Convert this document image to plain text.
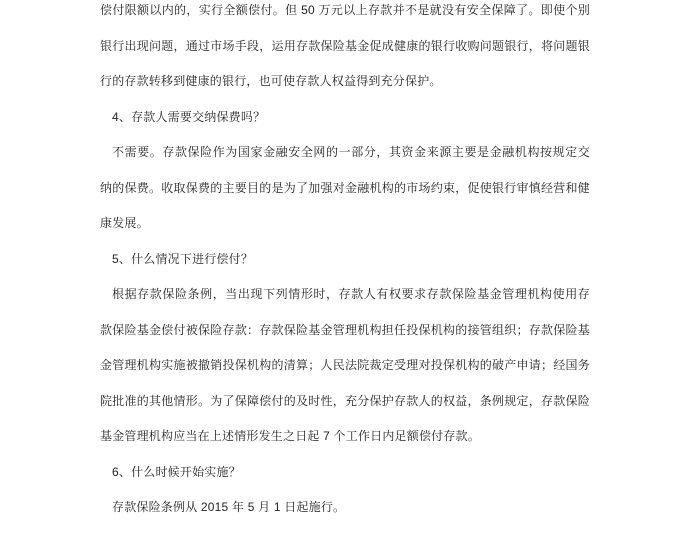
偿付限额以内的，实行全额偿付。但 50 万元以上存款并不是就没有安全保障了。即使个别
银行出现问题，通过市场手段，运用存款保险基金促成健康的银行收购问题银行，将问题银
行的存款转移到健康的银行，也可使存款人权益得到充分保护。
4、存款人需要交纳保费吗？
不需要。存款保险作为国家金融安全网的一部分，其资金来源主要是金融机构按规定交
纳的保费。收取保费的主要目的是为了加强对金融机构的市场约束，促使银行审慎经营和健
康发展。
5、什么情况下进行偿付？
根据存款保险条例，当出现下列情形时，存款人有权要求存款保险基金管理机构使用存
款保险基金偿付被保险存款：存款保险基金管理机构担任投保机构的接管组织；存款保险基
金管理机构实施被撤销投保机构的清算；人民法院裁定受理对投保机构的破产申请；经国务
院批准的其他情形。为了保障偿付的及时性，充分保护存款人的权益，条例规定，存款保险
基金管理机构应当在上述情形发生之日起 7 个工作日内足额偿付存款。
6、什么时候开始实施？
存款保险条例从 2015 年 5 月 1 日起施行。
